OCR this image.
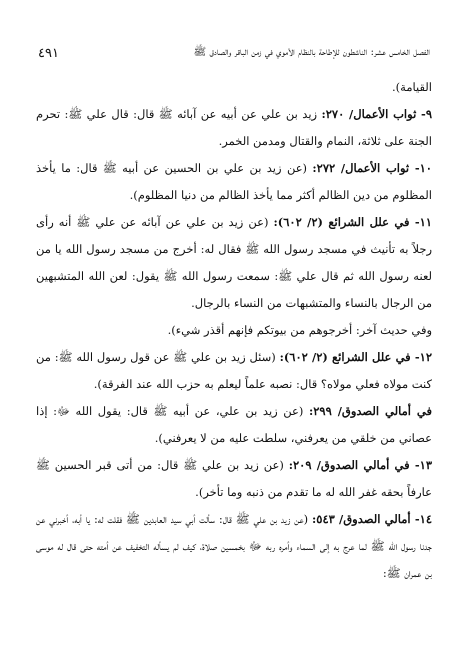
الفصل الخامس عشر: الناشطون للإطاحة بالنظام الأموي في زمن الباقر والصادق ﷺ
٤٩١

القيامة).

٩- ثواب الأعمال/ ٢٧٠: زيد بن علي عن أبيه عن آبائه ﷺ قال: قال علي ﷺ: تحرم الجنة على ثلاثة، النمام والقتال ومدمن الخمر.

١٠- ثواب الأعمال/ ٢٧٢: (عن زيد بن علي بن الحسين عن أبيه ﷺ قال: ما يأخذ المظلوم من دين الظالم أكثر مما يأخذ الظالم من دنيا المظلوم).

١١- في علل الشرائع (٢/ ٦٠٢): (عن زيد بن علي عن آبائه عن علي ﷺ أنه رأى رجلاً به تأنيث في مسجد رسول الله ﷺ فقال له: أخرج من مسجد رسول الله يا من لعنه رسول الله ثم قال علي ﷺ: سمعت رسول الله ﷺ يقول: لعن الله المتشبهين من الرجال بالنساء والمتشبهات من النساء بالرجال.

وفي حديث آخر: أخرجوهم من بيوتكم فإنهم أقذر شيء).

١٢- في علل الشرائع (٢/ ٦٠٢): (سئل زيد بن علي ﷺ عن قول رسول الله ﷺ: من كنت مولاه فعلي مولاه؟ قال: نصبه علماً ليعلم به حزب الله عند الفرقة).

في أمالي الصدوق/ ٢٩٩: (عن زيد بن علي، عن أبيه ﷺ قال: يقول الله ﷻ: إذا عصاني من خلقي من يعرفني، سلطت عليه من لا يعرفني).

١٣- في أمالي الصدوق/ ٢٠٩: (عن زيد بن علي ﷺ قال: من أتى قبر الحسين ﷺ عارفاً بحقه غفر الله له ما تقدم من ذنبه وما تأخر).

١٤- أمالي الصدوق/ ٥٤٣: (عن زيد بن علي ﷺ قال: سألت أبي سيد العابدين ﷺ فقلت له: يا أبه، أخبرني عن جدنا رسول الله ﷺ لما عرج به إلى السماء وأمره ربه ﷻ بخمسين صلاة، كيف لم يسأله التخفيف عن أمته حتى قال له موسى بن عمران ﷺ:
